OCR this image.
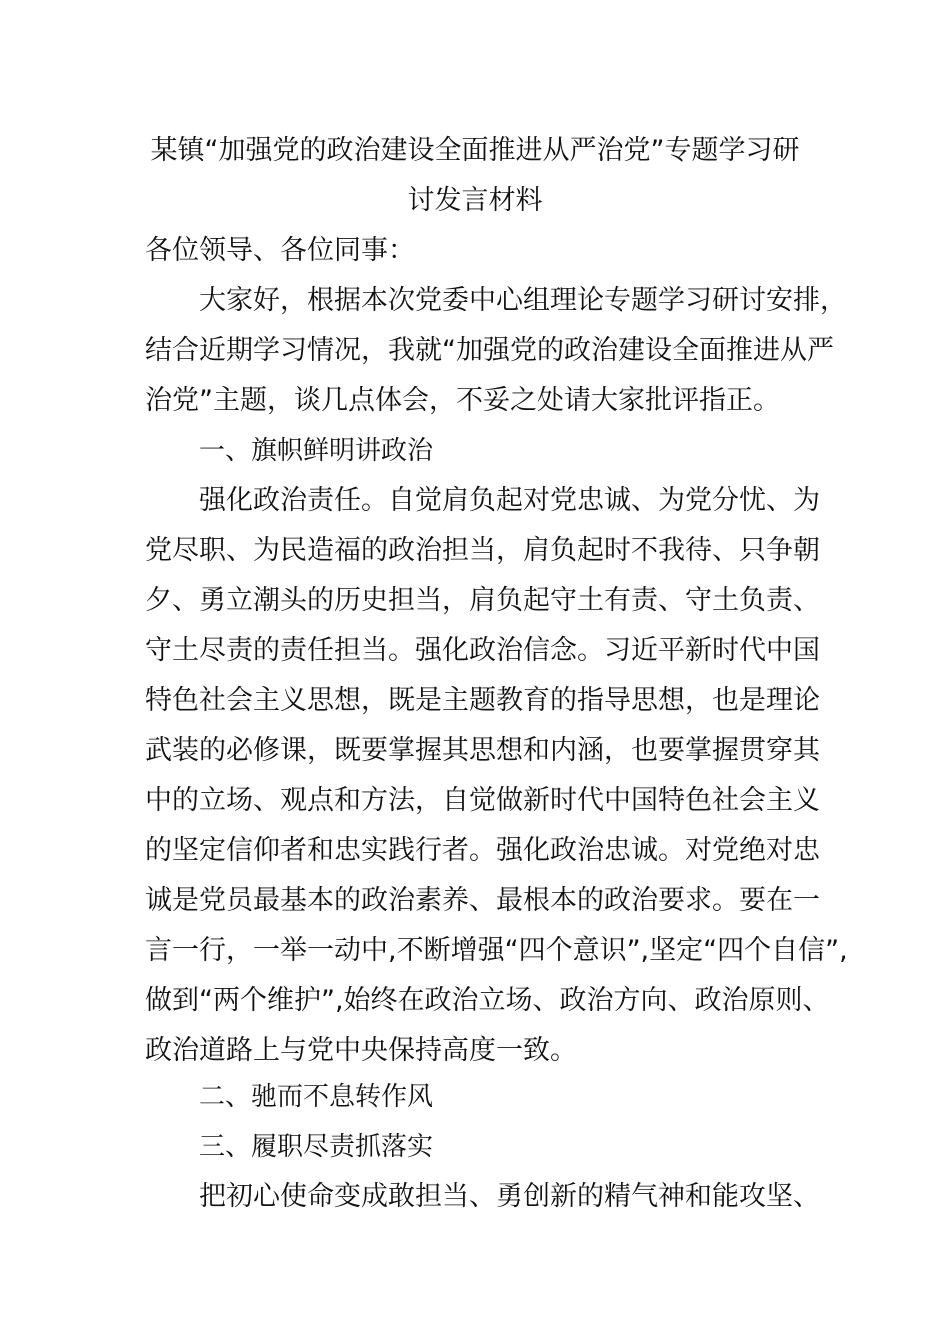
某镇“加强党的政治建设全面推进从严治党”专题学习研
讨发言材料
各位领导、各位同事：
大家好，根据本次党委中心组理论专题学习研讨安排，
结合近期学习情况，我就“加强党的政治建设全面推进从严
治党”主题，谈几点体会，不妥之处请大家批评指正。
一、旗帜鲜明讲政治
强化政治责任。自觉肩负起对党忠诚、为党分忧、为
党尽职、为民造福的政治担当，肩负起时不我待、只争朝
夕、勇立潮头的历史担当，肩负起守土有责、守土负责、
守土尽责的责任担当。强化政治信念。习近平新时代中国
特色社会主义思想，既是主题教育的指导思想，也是理论
武装的必修课，既要掌握其思想和内涵，也要掌握贯穿其
中的立场、观点和方法，自觉做新时代中国特色社会主义
的坚定信仰者和忠实践行者。强化政治忠诚。对党绝对忠
诚是党员最基本的政治素养、最根本的政治要求。要在一
言一行，一举一动中,不断增强“四个意识”,坚定“四个自信”,
做到“两个维护”,始终在政治立场、政治方向、政治原则、
政治道路上与党中央保持高度一致。
二、驰而不息转作风
三、履职尽责抓落实
把初心使命变成敢担当、勇创新的精气神和能攻坚、
